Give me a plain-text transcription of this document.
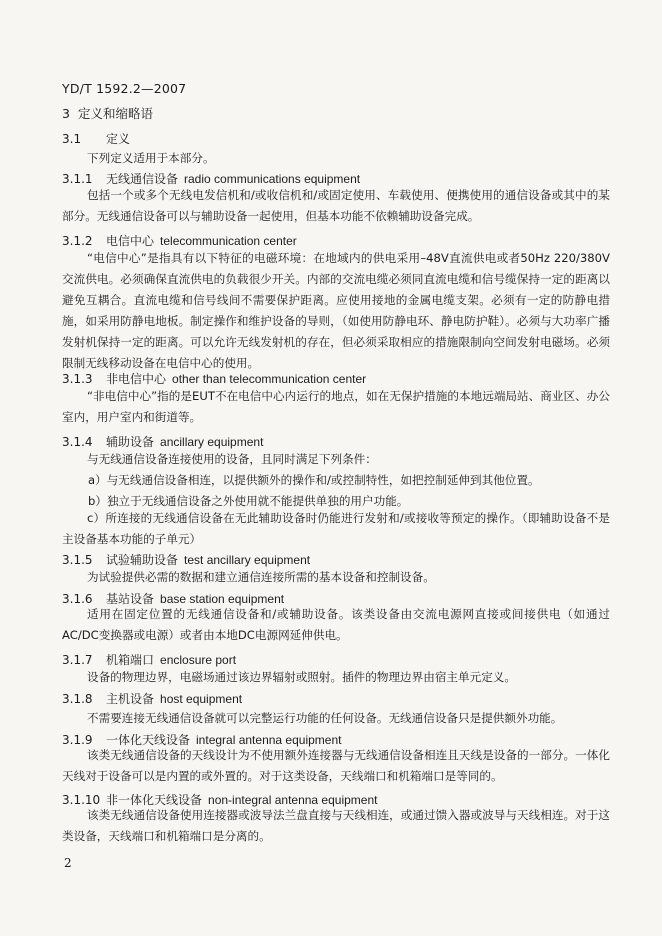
YD/T 1592.2—2007
3 定义和缩略语
3.1 定义
下列定义适用于本部分。
3.1.1 无线通信设备 radio communications equipment
包括一个或多个无线电发信机和/或收信机和/或固定使用、车载使用、便携使用的通信设备或其中的某部分。无线通信设备可以与辅助设备一起使用，但基本功能不依赖辅助设备完成。
3.1.2 电信中心 telecommunication center
“电信中心”是指具有以下特征的电磁环境：在地域内的供电采用–48V直流供电或者50Hz 220/380V交流供电。必须确保直流供电的负载很少开关。内部的交流电缆必须同直流电缆和信号缆保持一定的距离以避免互耦合。直流电缆和信号线间不需要保护距离。应使用接地的金属电缆支架。必须有一定的防静电措施，如采用防静电地板。制定操作和维护设备的导则，（如使用防静电环、静电防护鞋）。必须与大功率广播发射机保持一定的距离。可以允许无线发射机的存在，但必须采取相应的措施限制向空间发射电磁场。必须限制无线移动设备在电信中心的使用。
3.1.3 非电信中心 other than telecommunication center
“非电信中心”指的是EUT不在电信中心内运行的地点，如在无保护措施的本地远端局站、商业区、办公室内，用户室内和街道等。
3.1.4 辅助设备 ancillary equipment
与无线通信设备连接使用的设备，且同时满足下列条件：
a）与无线通信设备相连，以提供额外的操作和/或控制特性，如把控制延伸到其他位置。
b）独立于无线通信设备之外使用就不能提供单独的用户功能。
c）所连接的无线通信设备在无此辅助设备时仍能进行发射和/或接收等预定的操作。（即辅助设备不是主设备基本功能的子单元）
3.1.5 试验辅助设备 test ancillary equipment
为试验提供必需的数据和建立通信连接所需的基本设备和控制设备。
3.1.6 基站设备 base station equipment
适用在固定位置的无线通信设备和/或辅助设备。该类设备由交流电源网直接或间接供电（如通过AC/DC变换器或电源）或者由本地DC电源网延伸供电。
3.1.7 机箱端口 enclosure port
设备的物理边界，电磁场通过该边界辐射或照射。插件的物理边界由宿主单元定义。
3.1.8 主机设备 host equipment
不需要连接无线通信设备就可以完整运行功能的任何设备。无线通信设备只是提供额外功能。
3.1.9 一体化天线设备 integral antenna equipment
该类无线通信设备的天线设计为不使用额外连接器与无线通信设备相连且天线是设备的一部分。一体化天线对于设备可以是内置的或外置的。对于这类设备，天线端口和机箱端口是等同的。
3.1.10 非一体化天线设备 non-integral antenna equipment
该类无线通信设备使用连接器或波导法兰盘直接与天线相连，或通过馈入器或波导与天线相连。对于这类设备，天线端口和机箱端口是分离的。
2
